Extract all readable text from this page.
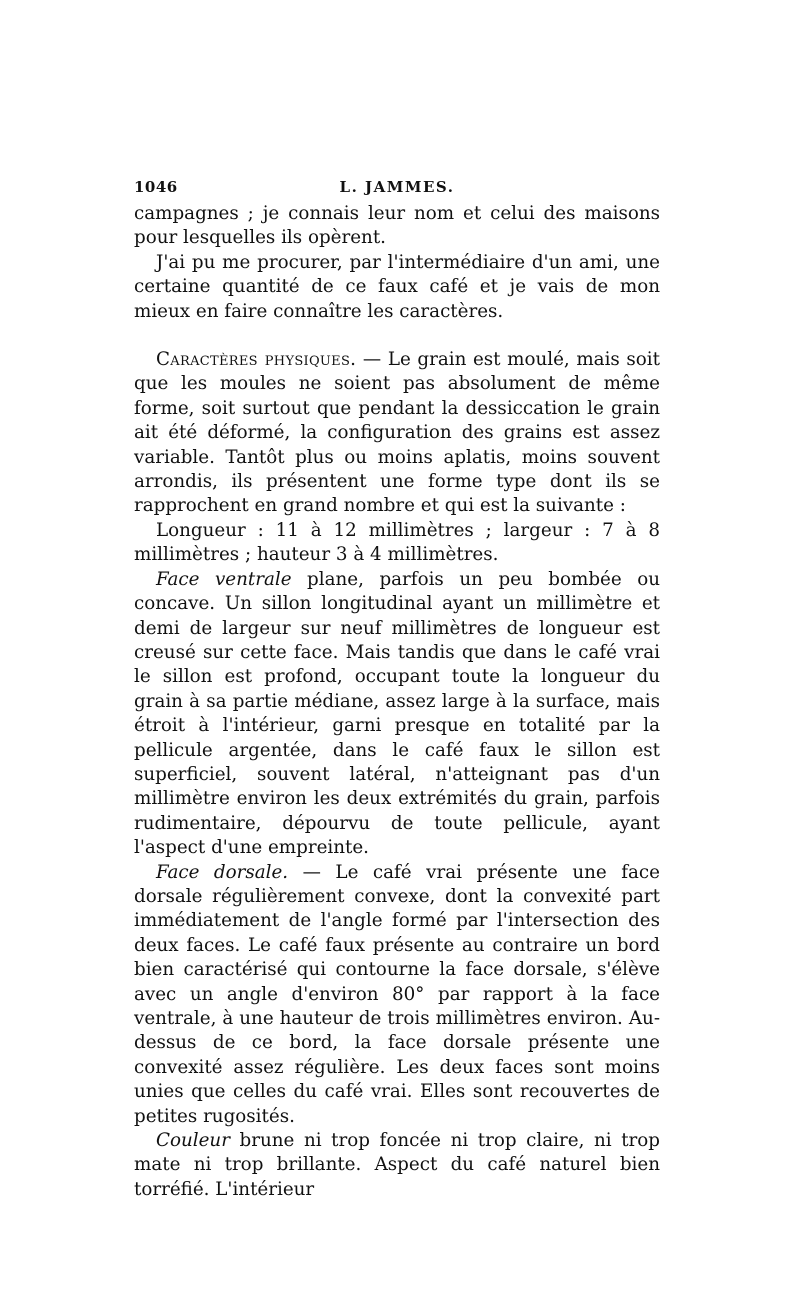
1046	L. JAMMES.

campagnes ; je connais leur nom et celui des maisons pour lesquelles ils opèrent.

J'ai pu me procurer, par l'intermédiaire d'un ami, une certaine quantité de ce faux café et je vais de mon mieux en faire connaître les caractères.

Caractères physiques. — Le grain est moulé, mais soit que les moules ne soient pas absolument de même forme, soit surtout que pendant la dessiccation le grain ait été déformé, la configuration des grains est assez variable. Tantôt plus ou moins aplatis, moins souvent arrondis, ils présentent une forme type dont ils se rapprochent en grand nombre et qui est la suivante :

Longueur : 11 à 12 millimètres ; largeur : 7 à 8 millimètres ; hauteur 3 à 4 millimètres.

Face ventrale plane, parfois un peu bombée ou concave. Un sillon longitudinal ayant un millimètre et demi de largeur sur neuf millimètres de longueur est creusé sur cette face. Mais tandis que dans le café vrai le sillon est profond, occupant toute la longueur du grain à sa partie médiane, assez large à la surface, mais étroit à l'intérieur, garni presque en totalité par la pellicule argentée, dans le café faux le sillon est superficiel, souvent latéral, n'atteignant pas d'un millimètre environ les deux extrémités du grain, parfois rudimentaire, dépourvu de toute pellicule, ayant l'aspect d'une empreinte.

Face dorsale. — Le café vrai présente une face dorsale régulièrement convexe, dont la convexité part immédiatement de l'angle formé par l'intersection des deux faces. Le café faux présente au contraire un bord bien caractérisé qui contourne la face dorsale, s'élève avec un angle d'environ 80° par rapport à la face ventrale, à une hauteur de trois millimètres environ. Au-dessus de ce bord, la face dorsale présente une convexité assez régulière. Les deux faces sont moins unies que celles du café vrai. Elles sont recouvertes de petites rugosités.

Couleur brune ni trop foncée ni trop claire, ni trop mate ni trop brillante. Aspect du café naturel bien torréfié. L'intérieur
